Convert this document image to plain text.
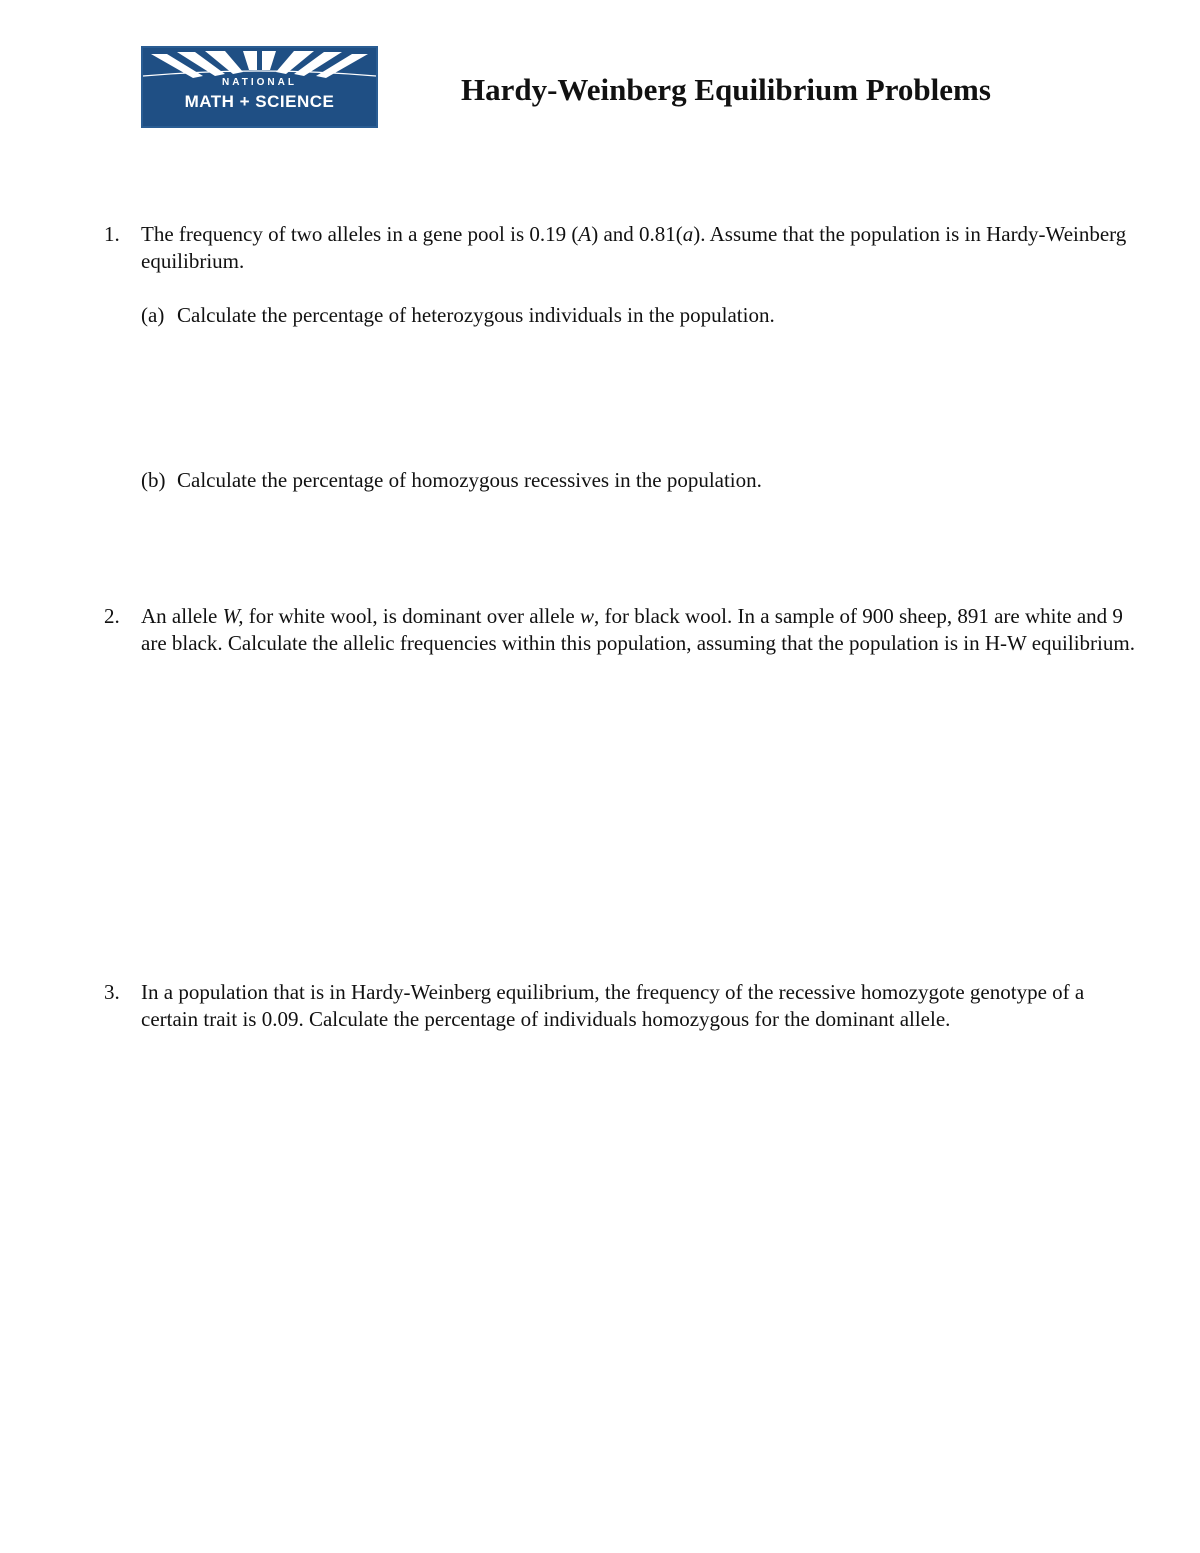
NATIONAL
MATH + SCIENCE	Hardy-Weinberg Equilibrium Problems
1. The frequency of two alleles in a gene pool is 0.19 (A) and 0.81(a). Assume that the population is in Hardy-Weinberg equilibrium.
(a) Calculate the percentage of heterozygous individuals in the population.
(b) Calculate the percentage of homozygous recessives in the population.
2. An allele W, for white wool, is dominant over allele w, for black wool. In a sample of 900 sheep, 891 are white and 9 are black. Calculate the allelic frequencies within this population, assuming that the population is in H-W equilibrium.
3. In a population that is in Hardy-Weinberg equilibrium, the frequency of the recessive homozygote genotype of a certain trait is 0.09. Calculate the percentage of individuals homozygous for the dominant allele.
